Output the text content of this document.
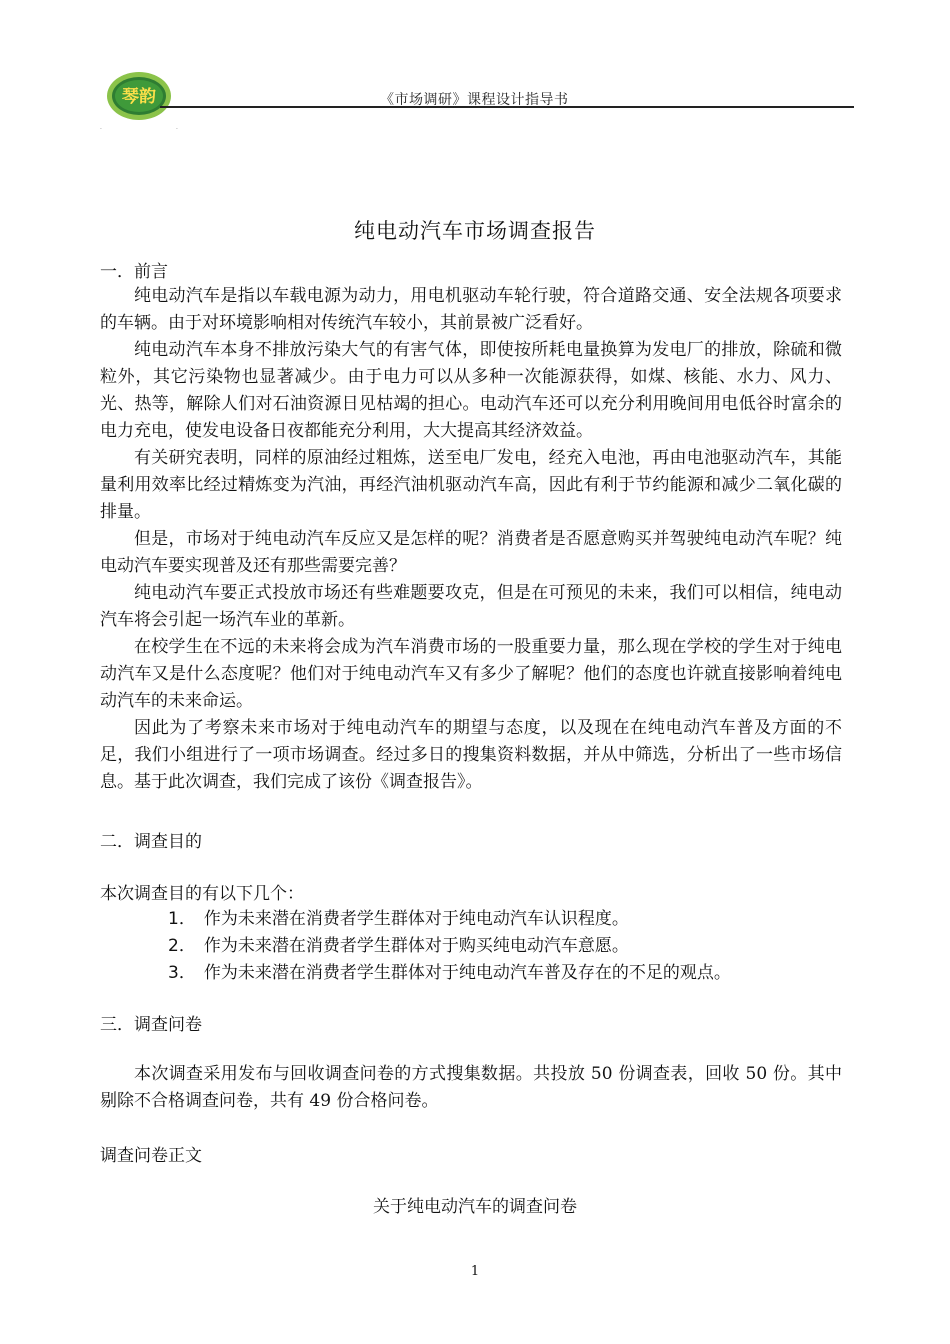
琴韵	《市场调研》课程设计指导书
·	·
纯电动汽车市场调查报告
一．前言

纯电动汽车是指以车载电源为动力，用电机驱动车轮行驶，符合道路交通、安全法规各项要求的车辆。由于对环境影响相对传统汽车较小，其前景被广泛看好。

纯电动汽车本身不排放污染大气的有害气体，即使按所耗电量换算为发电厂的排放，除硫和微粒外，其它污染物也显著减少。由于电力可以从多种一次能源获得，如煤、核能、水力、风力、光、热等，解除人们对石油资源日见枯竭的担心。电动汽车还可以充分利用晚间用电低谷时富余的电力充电，使发电设备日夜都能充分利用，大大提高其经济效益。

有关研究表明，同样的原油经过粗炼，送至电厂发电，经充入电池，再由电池驱动汽车，其能量利用效率比经过精炼变为汽油，再经汽油机驱动汽车高，因此有利于节约能源和减少二氧化碳的排量。

但是，市场对于纯电动汽车反应又是怎样的呢？消费者是否愿意购买并驾驶纯电动汽车呢？纯电动汽车要实现普及还有那些需要完善？

纯电动汽车要正式投放市场还有些难题要攻克，但是在可预见的未来，我们可以相信，纯电动汽车将会引起一场汽车业的革新。

在校学生在不远的未来将会成为汽车消费市场的一股重要力量，那么现在学校的学生对于纯电动汽车又是什么态度呢？他们对于纯电动汽车又有多少了解呢？他们的态度也许就直接影响着纯电动汽车的未来命运。

因此为了考察未来市场对于纯电动汽车的期望与态度，以及现在在纯电动汽车普及方面的不足，我们小组进行了一项市场调查。经过多日的搜集资料数据，并从中筛选，分析出了一些市场信息。基于此次调查，我们完成了该份《调查报告》。

二．调查目的
本次调查目的有以下几个：
1． 作为未来潜在消费者学生群体对于纯电动汽车认识程度。
2． 作为未来潜在消费者学生群体对于购买纯电动汽车意愿。
3． 作为未来潜在消费者学生群体对于纯电动汽车普及存在的不足的观点。
三．调查问卷

本次调查采用发布与回收调查问卷的方式搜集数据。共投放 50 份调查表，回收 50 份。其中剔除不合格调查问卷，共有 49 份合格问卷。

调查问卷正文
关于纯电动汽车的调查问卷
1
